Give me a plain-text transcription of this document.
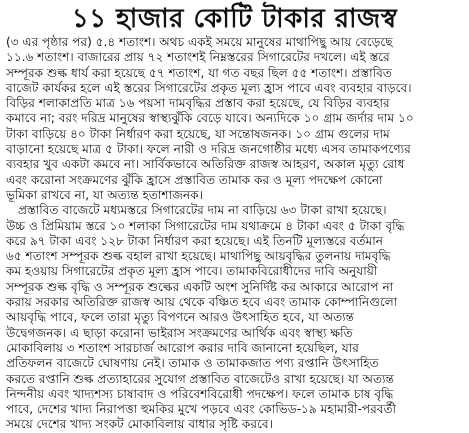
১১ হাজার কোটি টাকার রাজস্ব
(৩ এর পৃষ্ঠার পর) ৫.৪ শতাংশ। অথচ একই সময়ে মানুষের মাথাপিছু আয় বেড়েছে
১১.৬ শতাংশ। বাজারের প্রায় ৭২ শতাংশই নিম্নস্তরের সিগারেটের দখলে। এই স্তরে
সম্পূরক শুল্ক ধার্য করা হয়েছে ৫৭ শতাংশ, যা গত বছর ছিল ৫৫ শতাংশ। প্রস্তাবিত
বাজেট কার্যকর হলে এই স্তরের সিগারেটের প্রকৃত মূল্য হ্রাস পাবে এবং ব্যবহার বাড়বে।
বিড়ির শলাকাপ্রতি মাত্র ১৬ পয়সা দামবৃদ্ধির প্রস্তাব করা হয়েছে, যে বিড়ির ব্যবহার
কমাবে না; বরং দরিদ্র মানুষের স্বাস্থ্যঝুঁকি বেড়ে যাবে। অন্যদিকে ১০ গ্রাম জর্দার দাম ১০
টাকা বাড়িয়ে ৪০ টাকা নির্ধারণ করা হয়েছে, যা সন্তোষজনক। ১০ গ্রাম গুলের দাম
বাড়ানো হয়েছে মাত্র ৫ টাকা। ফলে নারী ও দরিদ্র জনগোষ্ঠীর মধ্যে এসব তামাকপণ্যের
ব্যবহার খুব একটা কমবে না। সার্বিকভাবে অতিরিক্ত রাজস্ব আহরণ, অকাল মৃত্যু রোধ
এবং করোনা সংক্রমণের ঝুঁকি হ্রাসে প্রস্তাবিত তামাক কর ও মূল্য পদক্ষেপ কোনো
ভূমিকা রাখবে না, যা অত্যন্ত হতাশাজনক।
প্রস্তাবিত বাজেটে মধ্যমস্তরে সিগারেটের দাম না বাড়িয়ে ৬৩ টাকা রাখা হয়েছে।
উচ্চ ও প্রিমিয়াম স্তরে ১০ শলাকা সিগারেটের দাম যথাক্রমে ৪ টাকা এবং ৫ টাকা বৃদ্ধি
করে ৯৭ টাকা এবং ১২৮ টাকা নির্ধারণ করা হয়েছে। এই তিনটি মূল্যস্তরে বর্তমান
৬৫ শতাংশ সম্পূরক শুল্ক বহাল রাখা হয়েছে। মাথাপিছু আয়বৃদ্ধির তুলনায় দামবৃদ্ধি
কম হওয়ায় সিগারেটের প্রকৃত মূল্য হ্রাস পাবে। তামাকবিরোধীদের দাবি অনুযায়ী
সম্পূরক শুল্ক বৃদ্ধি ও সম্পূরক শুল্কের একটি অংশ সুনির্দিষ্ট কর আকারে আরোপ না
করায় সরকার অতিরিক্ত রাজস্ব আয় থেকে বঞ্চিত হবে এবং তামাক কোম্পানিগুলো
আয়বৃদ্ধি পাবে, ফলে তারা মৃত্যু বিপণনে আরও উৎসাহিত হবে, যা অত্যন্ত
উদ্বেগজনক। এ ছাড়া করোনা ভাইরাস সংক্রমণের আর্থিক এবং স্বাস্থ্য ক্ষতি
মোকাবিলায় ৩ শতাংশ সারচার্জ আরোপ করার দাবি জানানো হয়েছিল, যার
প্রতিফলন বাজেটে ঘোষণায় নেই। তামাক ও তামাকজাত পণ্য রপ্তানি উৎসাহিত
করতে রপ্তানি শুল্ক প্রত্যাহারের সুযোগ প্রস্তাবিত বাজেটেও রাখা হয়েছে। যা অত্যন্ত
নিন্দনীয় এবং খাদ্যশস্য চাষাবাদ ও পরিবেশবিরোধী পদক্ষেপ। ফলে তামাক চাষ বৃদ্ধি
পাবে, দেশের খাদ্য নিরাপত্তা হুমকির মুখে পড়বে এবং কোভিড-১৯ মহামারী-পরবর্তী
সময়ে দেশের খাদ্য সংকট মোকাবিলায় বাধার সৃষ্টি করবে।
